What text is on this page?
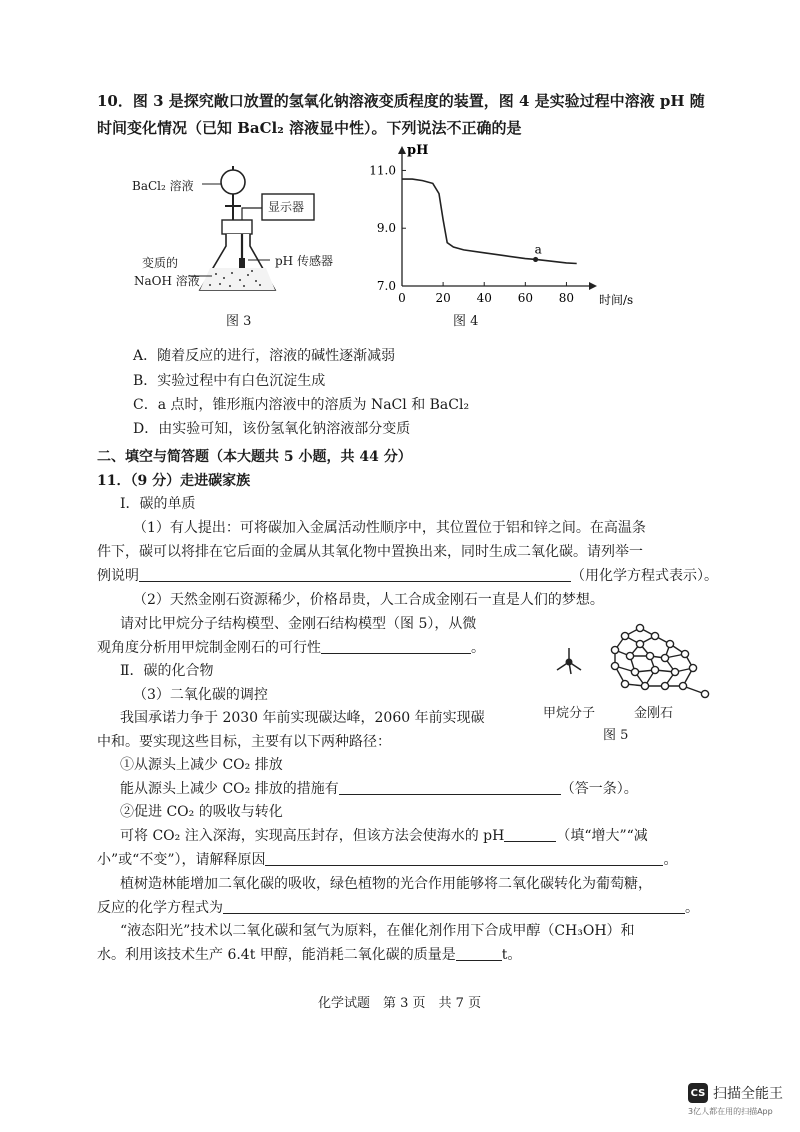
10．图 3 是探究敞口放置的氢氧化钠溶液变质程度的装置，图 4 是实验过程中溶液 pH 随
时间变化情况（已知 BaCl₂ 溶液显中性）。下列说法不正确的是
BaCl₂ 溶液
显示器
pH 传感器
变质的
NaOH 溶液
图 3
pH
时间/s
11.0
9.0
7.0
0 20 40 60 80
a
图 4
A．随着反应的进行，溶液的碱性逐渐减弱
B．实验过程中有白色沉淀生成
C．a 点时，锥形瓶内溶液中的溶质为 NaCl 和 BaCl₂
D．由实验可知，该份氢氧化钠溶液部分变质
二、填空与简答题（本大题共 5 小题，共 44 分）
11．（9 分）走进碳家族
Ⅰ．碳的单质
（1）有人提出：可将碳加入金属活动性顺序中，其位置位于铝和锌之间。在高温条
件下，碳可以将排在它后面的金属从其氧化物中置换出来，同时生成二氧化碳。请列举一
例说明	（用化学方程式表示）。
（2）天然金刚石资源稀少，价格昂贵，人工合成金刚石一直是人们的梦想。
请对比甲烷分子结构模型、金刚石结构模型（图 5），从微
观角度分析用甲烷制金刚石的可行性	。
Ⅱ．碳的化合物
（3）二氧化碳的调控
我国承诺力争于 2030 年前实现碳达峰，2060 年前实现碳
中和。要实现这些目标，主要有以下两种路径：
甲烷分子	金刚石
图 5
①从源头上减少 CO₂ 排放
能从源头上减少 CO₂ 排放的措施有	（答一条）。
②促进 CO₂ 的吸收与转化
可将 CO₂ 注入深海，实现高压封存，但该方法会使海水的 pH	（填“增大”“减
小”或“不变”），请解释原因	。
植树造林能增加二氧化碳的吸收，绿色植物的光合作用能够将二氧化碳转化为葡萄糖，
反应的化学方程式为	。
“液态阳光”技术以二氧化碳和氢气为原料，在催化剂作用下合成甲醇（CH₃OH）和
水。利用该技术生产 6.4t 甲醇，能消耗二氧化碳的质量是	t。
化学试题　第 3 页　共 7 页
CS 扫描全能王
3亿人都在用的扫描App
